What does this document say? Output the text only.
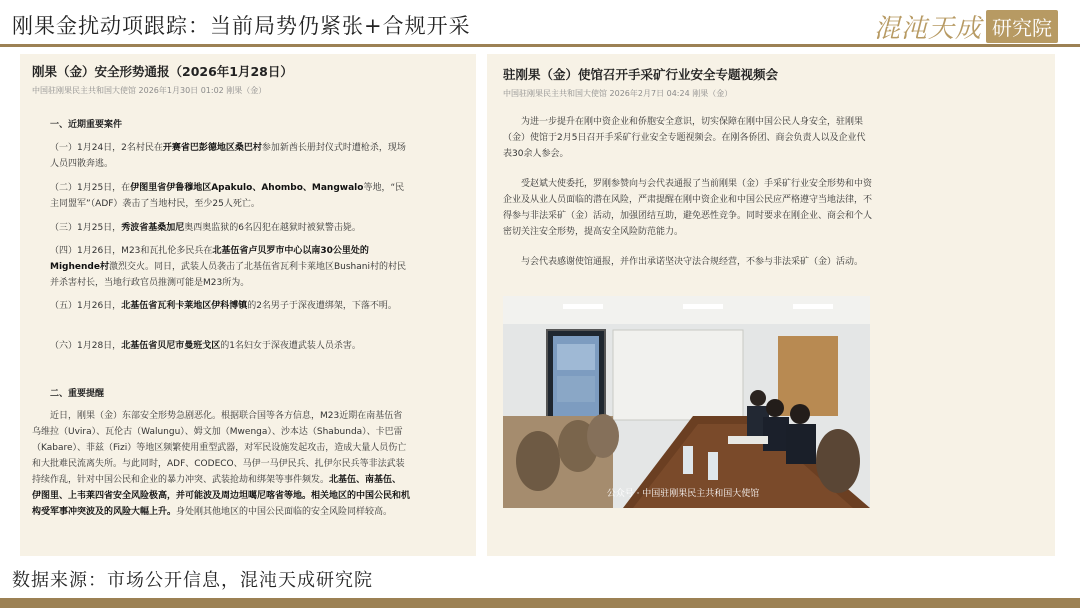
刚果金扰动项跟踪：当前局势仍紧张+合规开采	混沌天成 研究院
刚果（金）安全形势通报（2026年1月28日）
中国驻刚果民主共和国大使馆 2026年1月30日 01:02 刚果（金）
一、近期重要案件
（一）1月24日，2名村民在开赛省巴彭德地区桑巴村参加新酋长册封仪式时遭枪杀，现场人员四散奔逃。
（二）1月25日，在伊图里省伊鲁穆地区Apakulo、Ahombo、Mangwalo等地，“民主同盟军”（ADF）袭击了当地村民，至少25人死亡。
（三）1月25日，秀波省基桑加尼奥西奥监狱的6名囚犯在越狱时被狱警击毙。
（四）1月26日，M23和瓦扎伦多民兵在北基伍省卢贝罗市中心以南30公里处的Mighende村激烈交火。同日，武装人员袭击了北基伍省瓦利卡莱地区Bushani村的村民并杀害村长，当地行政官员推测可能是M23所为。
（五）1月26日，北基伍省瓦利卡莱地区伊科博镇的2名男子于深夜遭绑架，下落不明。
（六）1月28日，北基伍省贝尼市曼班戈区的1名妇女于深夜遭武装人员杀害。
二、重要提醒
近日，刚果（金）东部安全形势急剧恶化。根据联合国等各方信息，M23近期在南基伍省乌维拉（Uvira）、瓦伦古（Walungu）、姆文加（Mwenga）、沙本达（Shabunda）、卡巴雷（Kabare）、菲兹（Fizi）等地区频繁使用重型武器，对军民设施发起攻击，造成大量人员伤亡和大批难民流离失所。与此同时，ADF、CODECO、马伊一马伊民兵、扎伊尔民兵等非法武装持续作乱，针对中国公民和企业的暴力冲突、武装抢劫和绑架等事件频发。北基伍、南基伍、伊图里、上韦莱四省安全风险极高，并可能波及周边坦噶尼喀省等地。相关地区的中国公民和机构受军事冲突波及的风险大幅上升。身处刚其他地区的中国公民面临的安全风险同样较高。
驻刚果（金）使馆召开手采矿行业安全专题视频会
中国驻刚果民主共和国大使馆 2026年2月7日 04:24 刚果（金）
为进一步提升在刚中资企业和侨胞安全意识，切实保障在刚中国公民人身安全，驻刚果（金）使馆于2月5日召开手采矿行业安全专题视频会。在刚各侨团、商会负责人以及企业代表30余人参会。
受赵斌大使委托，罗刚参赞向与会代表通报了当前刚果（金）手采矿行业安全形势和中资企业及从业人员面临的潜在风险，严肃提醒在刚中资企业和中国公民应严格遵守当地法律，不得参与非法采矿（金）活动，加强团结互助，避免恶性竞争。同时要求在刚企业、商会和个人密切关注安全形势，提高安全风险防范能力。
与会代表感谢使馆通报，并作出承诺坚决守法合规经营，不参与非法采矿（金）活动。
公众号 · 中国驻刚果民主共和国大使馆
数据来源：市场公开信息，混沌天成研究院
